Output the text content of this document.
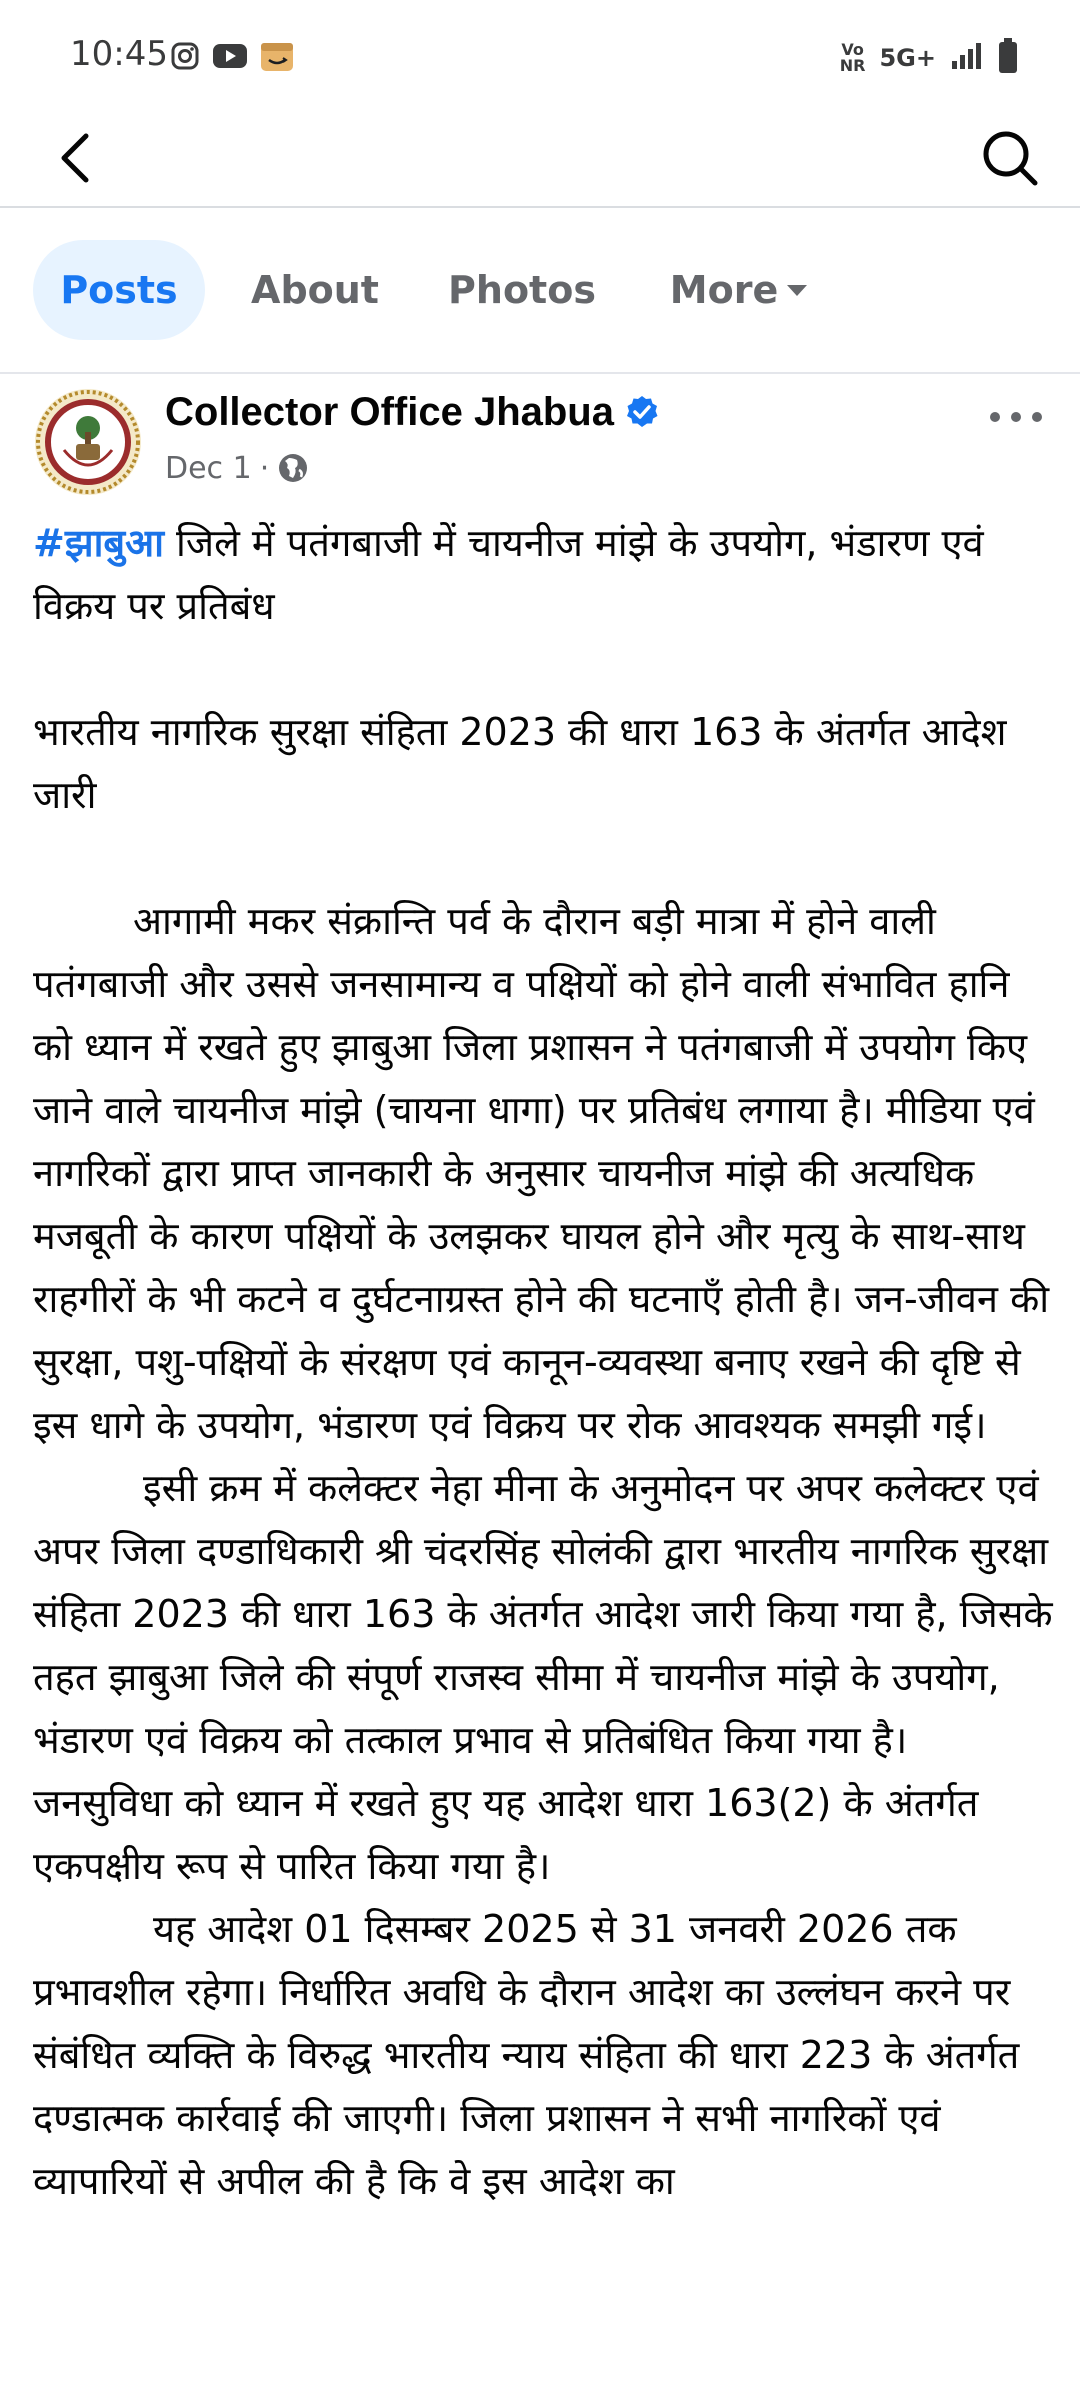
10:45	Vo
NR 5G+
Posts About Photos More
Collector Office Jhabua
Dec 1 ·

#झाबुआ जिले में पतंगबाजी में चायनीज मांझे के उपयोग, भंडारण एवं विक्रय पर प्रतिबंध

भारतीय नागरिक सुरक्षा संहिता 2023 की धारा 163 के अंतर्गत आदेश जारी

आगामी मकर संक्रान्ति पर्व के दौरान बड़ी मात्रा में होने वाली पतंगबाजी और उससे जनसामान्य व पक्षियों को होने वाली संभावित हानि को ध्यान में रखते हुए झाबुआ जिला प्रशासन ने पतंगबाजी में उपयोग किए जाने वाले चायनीज मांझे (चायना धागा) पर प्रतिबंध लगाया है। मीडिया एवं नागरिकों द्वारा प्राप्त जानकारी के अनुसार चायनीज मांझे की अत्यधिक मजबूती के कारण पक्षियों के उलझकर घायल होने और मृत्यु के साथ-साथ राहगीरों के भी कटने व दुर्घटनाग्रस्त होने की घटनाएँ होती है। जन-जीवन की सुरक्षा, पशु-पक्षियों के संरक्षण एवं कानून-व्यवस्था बनाए रखने की दृष्टि से इस धागे के उपयोग, भंडारण एवं विक्रय पर रोक आवश्यक समझी गई।

इसी क्रम में कलेक्टर नेहा मीना के अनुमोदन पर अपर कलेक्टर एवं अपर जिला दण्डाधिकारी श्री चंदरसिंह सोलंकी द्वारा भारतीय नागरिक सुरक्षा संहिता 2023 की धारा 163 के अंतर्गत आदेश जारी किया गया है, जिसके तहत झाबुआ जिले की संपूर्ण राजस्व सीमा में चायनीज मांझे के उपयोग, भंडारण एवं विक्रय को तत्काल प्रभाव से प्रतिबंधित किया गया है। जनसुविधा को ध्यान में रखते हुए यह आदेश धारा 163(2) के अंतर्गत एकपक्षीय रूप से पारित किया गया है।

यह आदेश 01 दिसम्बर 2025 से 31 जनवरी 2026 तक प्रभावशील रहेगा। निर्धारित अवधि के दौरान आदेश का उल्लंघन करने पर संबंधित व्यक्ति के विरुद्ध भारतीय न्याय संहिता की धारा 223 के अंतर्गत दण्डात्मक कार्रवाई की जाएगी। जिला प्रशासन ने सभी नागरिकों एवं व्यापारियों से अपील की है कि वे इस आदेश का
